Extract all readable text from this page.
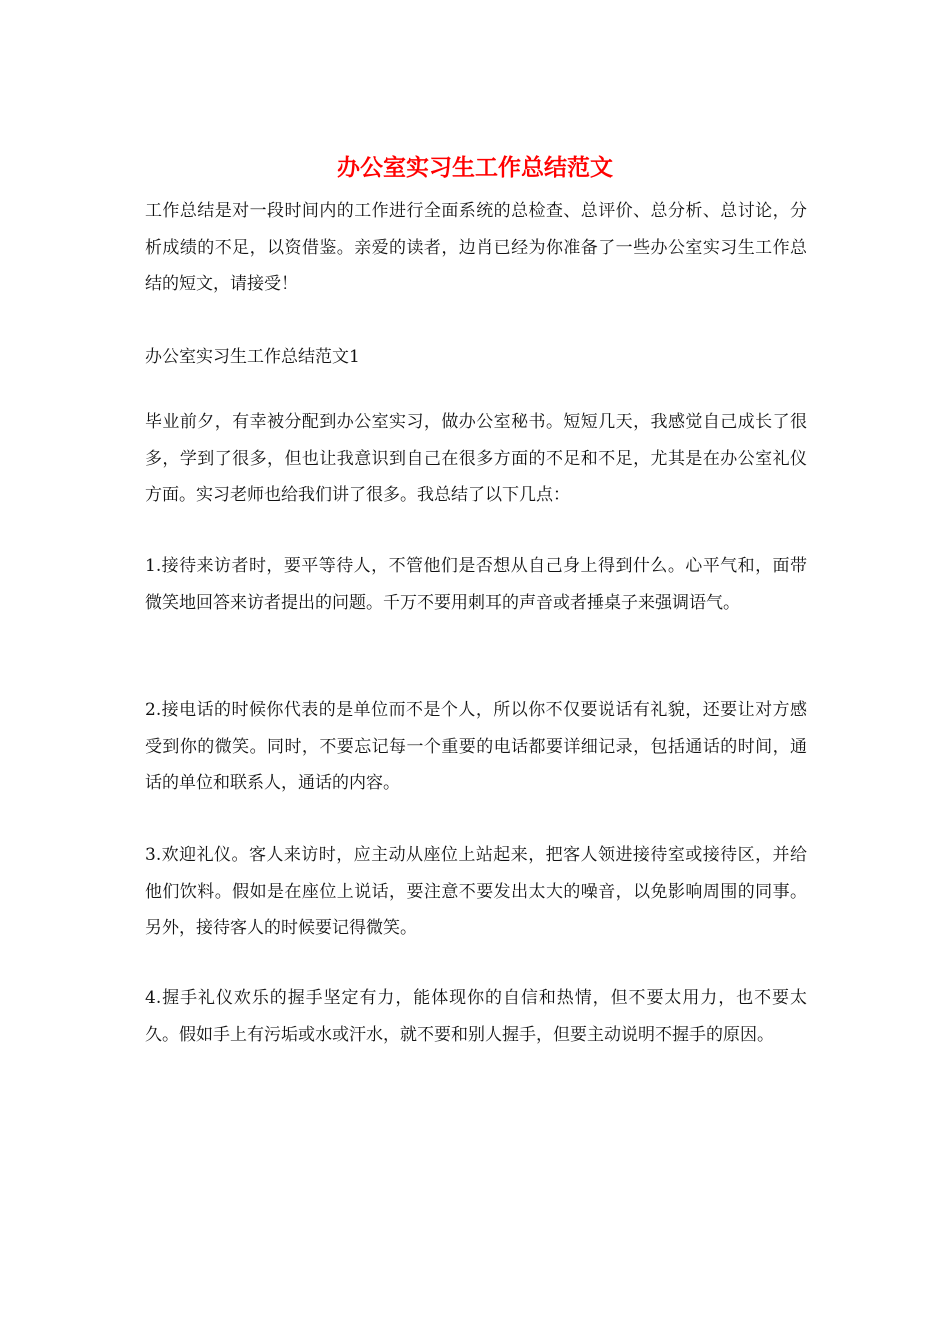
办公室实习生工作总结范文

工作总结是对一段时间内的工作进行全面系统的总检查、总评价、总分析、总讨论，分析成绩的不足，以资借鉴。亲爱的读者，边肖已经为你准备了一些办公室实习生工作总结的短文，请接受！

办公室实习生工作总结范文1

毕业前夕，有幸被分配到办公室实习，做办公室秘书。短短几天，我感觉自己成长了很多，学到了很多，但也让我意识到自己在很多方面的不足和不足，尤其是在办公室礼仪方面。实习老师也给我们讲了很多。我总结了以下几点：

1.接待来访者时，要平等待人，不管他们是否想从自己身上得到什么。心平气和，面带微笑地回答来访者提出的问题。千万不要用刺耳的声音或者捶桌子来强调语气。

2.接电话的时候你代表的是单位而不是个人，所以你不仅要说话有礼貌，还要让对方感受到你的微笑。同时，不要忘记每一个重要的电话都要详细记录，包括通话的时间，通话的单位和联系人，通话的内容。

3.欢迎礼仪。客人来访时，应主动从座位上站起来，把客人领进接待室或接待区，并给他们饮料。假如是在座位上说话，要注意不要发出太大的噪音，以免影响周围的同事。另外，接待客人的时候要记得微笑。

4.握手礼仪欢乐的握手坚定有力，能体现你的自信和热情，但不要太用力，也不要太久。假如手上有污垢或水或汗水，就不要和别人握手，但要主动说明不握手的原因。
